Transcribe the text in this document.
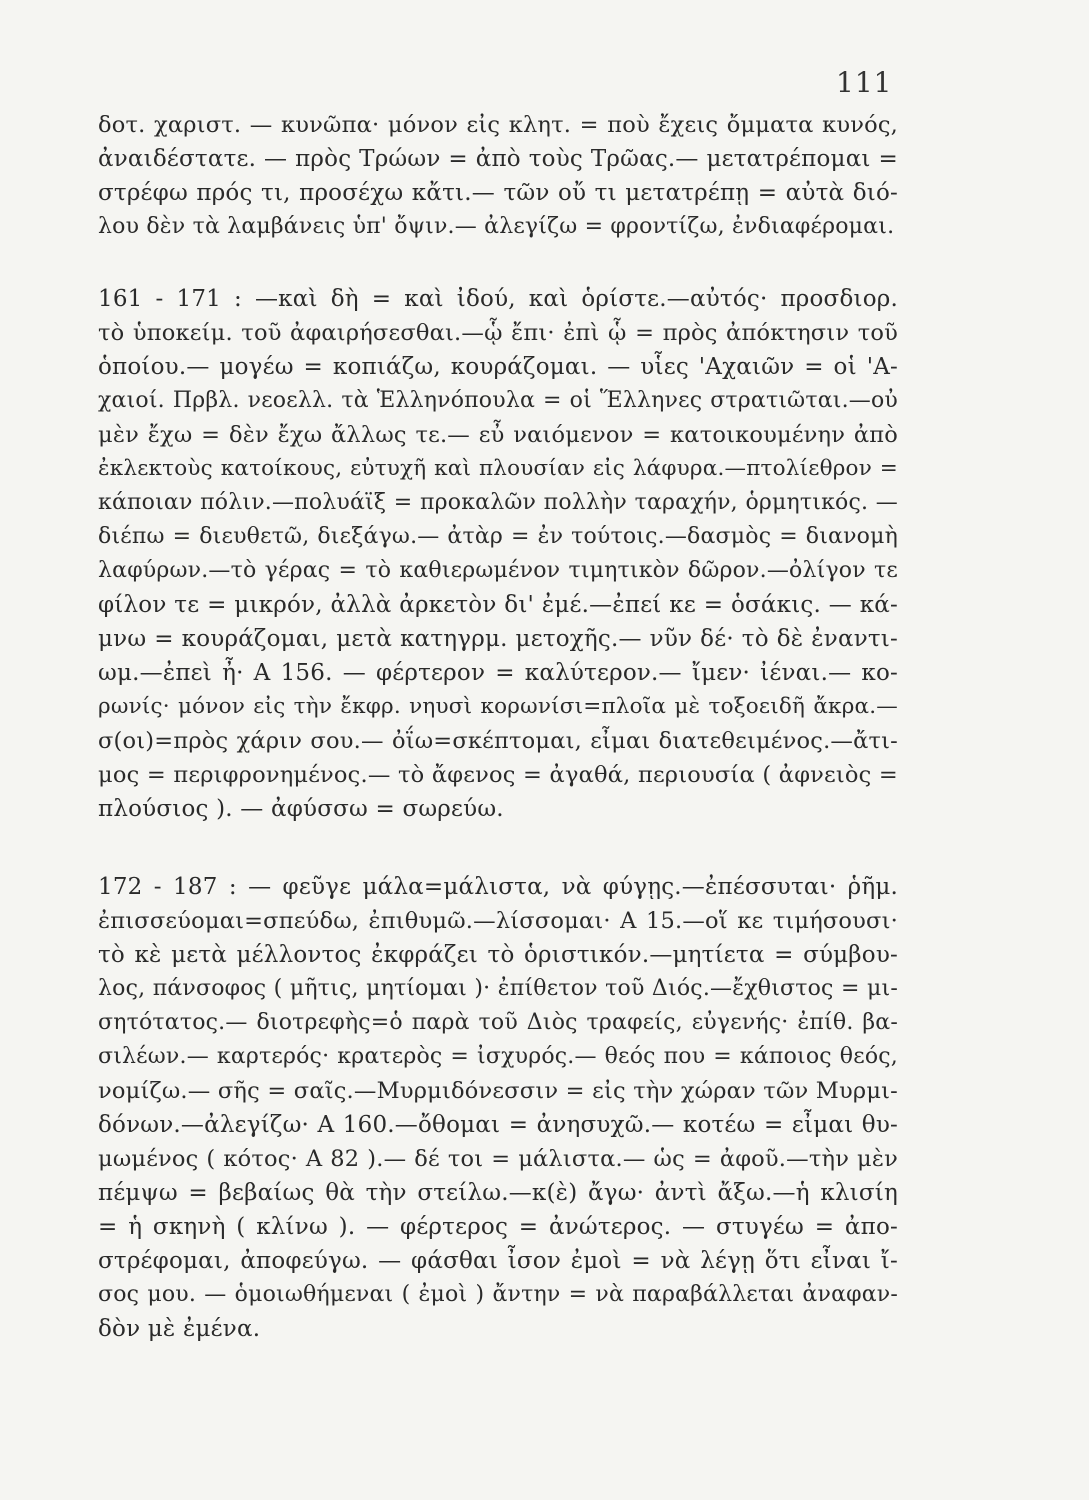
111
δοτ. χαριστ. — κυνῶπα· μόνον εἰς κλητ. = ποὺ ἔχεις ὄμματα κυνός,
ἀναιδέστατε. — πρὸς Τρώων = ἀπὸ τοὺς Τρῶας.— μετατρέπομαι =
στρέφω πρός τι, προσέχω κἄτι.— τῶν οὔ τι μετατρέπῃ = αὐτὰ διό-
λου δὲν τὰ λαμβάνεις ὑπ' ὄψιν.— ἀλεγίζω = φροντίζω, ἐνδιαφέρομαι.
161 - 171 : —καὶ δὴ = καὶ ἰδού, καὶ ὁρίστε.—αὐτός· προσδιορ.
τὸ ὑποκείμ. τοῦ ἀφαιρήσεσθαι.—ᾧ ἔπι· ἐπὶ ᾧ = πρὸς ἀπόκτησιν τοῦ
ὁποίου.— μογέω = κοπιάζω, κουράζομαι. — υἷες 'Αχαιῶν = οἱ 'Α-
χαιοί. Πρβλ. νεοελλ. τὰ Ἑλληνόπουλα = οἱ Ἕλληνες στρατιῶται.—οὐ
μὲν ἔχω = δὲν ἔχω ἄλλως τε.— εὖ ναιόμενον = κατοικουμένην ἀπὸ
ἐκλεκτοὺς κατοίκους, εὐτυχῆ καὶ πλουσίαν εἰς λάφυρα.—πτολίεθρον =
κάποιαν πόλιν.—πολυάϊξ = προκαλῶν πολλὴν ταραχήν, ὁρμητικός. —
διέπω = διευθετῶ, διεξάγω.— ἀτὰρ = ἐν τούτοις.—δασμὸς = διανομὴ
λαφύρων.—τὸ γέρας = τὸ καθιερωμένον τιμητικὸν δῶρον.—ὀλίγον τε
φίλον τε = μικρόν, ἀλλὰ ἀρκετὸν δι' ἐμέ.—ἐπεί κε = ὁσάκις. — κά-
μνω = κουράζομαι, μετὰ κατηγρμ. μετοχῆς.— νῦν δέ· τὸ δὲ ἐναντι-
ωμ.—ἐπεὶ ἦ· Α 156. — φέρτερον = καλύτερον.— ἴμεν· ἰέναι.— κο-
ρωνίς· μόνον εἰς τὴν ἔκφρ. νηυσὶ κορωνίσι=πλοῖα μὲ τοξοειδῆ ἄκρα.—
σ(οι)=πρὸς χάριν σου.— ὀΐω=σκέπτομαι, εἶμαι διατεθειμένος.—ἄτι-
μος = περιφρονημένος.— τὸ ἄφενος = ἀγαθά, περιουσία ( ἀφνειὸς =
πλούσιος ). — ἀφύσσω = σωρεύω.
172 - 187 : — φεῦγε μάλα=μάλιστα, νὰ φύγῃς.—ἐπέσσυται· ῥῆμ.
ἐπισσεύομαι=σπεύδω, ἐπιθυμῶ.—λίσσομαι· Α 15.—οἵ κε τιμήσουσι·
τὸ κὲ μετὰ μέλλοντος ἐκφράζει τὸ ὁριστικόν.—μητίετα = σύμβου-
λος, πάνσοφος ( μῆτις, μητίομαι )· ἐπίθετον τοῦ Διός.—ἔχθιστος = μι-
σητότατος.— διοτρεφὴς=ὁ παρὰ τοῦ Διὸς τραφείς, εὐγενής· ἐπίθ. βα-
σιλέων.— καρτερός· κρατερὸς = ἰσχυρός.— θεός που = κάποιος θεός,
νομίζω.— σῆς = σαῖς.—Μυρμιδόνεσσιν = εἰς τὴν χώραν τῶν Μυρμι-
δόνων.—ἀλεγίζω· Α 160.—ὄθομαι = ἀνησυχῶ.— κοτέω = εἶμαι θυ-
μωμένος ( κότος· Α 82 ).— δέ τοι = μάλιστα.— ὡς = ἀφοῦ.—τὴν μὲν
πέμψω = βεβαίως θὰ τὴν στείλω.—κ(ὲ) ἄγω· ἀντὶ ἄξω.—ἡ κλισίη
= ἡ σκηνὴ ( κλίνω ). — φέρτερος = ἀνώτερος. — στυγέω = ἀπο-
στρέφομαι, ἀποφεύγω. — φάσθαι ἶσον ἐμοὶ = νὰ λέγῃ ὅτι εἶναι ἴ-
σος μου. — ὁμοιωθήμεναι ( ἐμοὶ ) ἄντην = νὰ παραβάλλεται ἀναφαν-
δὸν μὲ ἐμένα.
